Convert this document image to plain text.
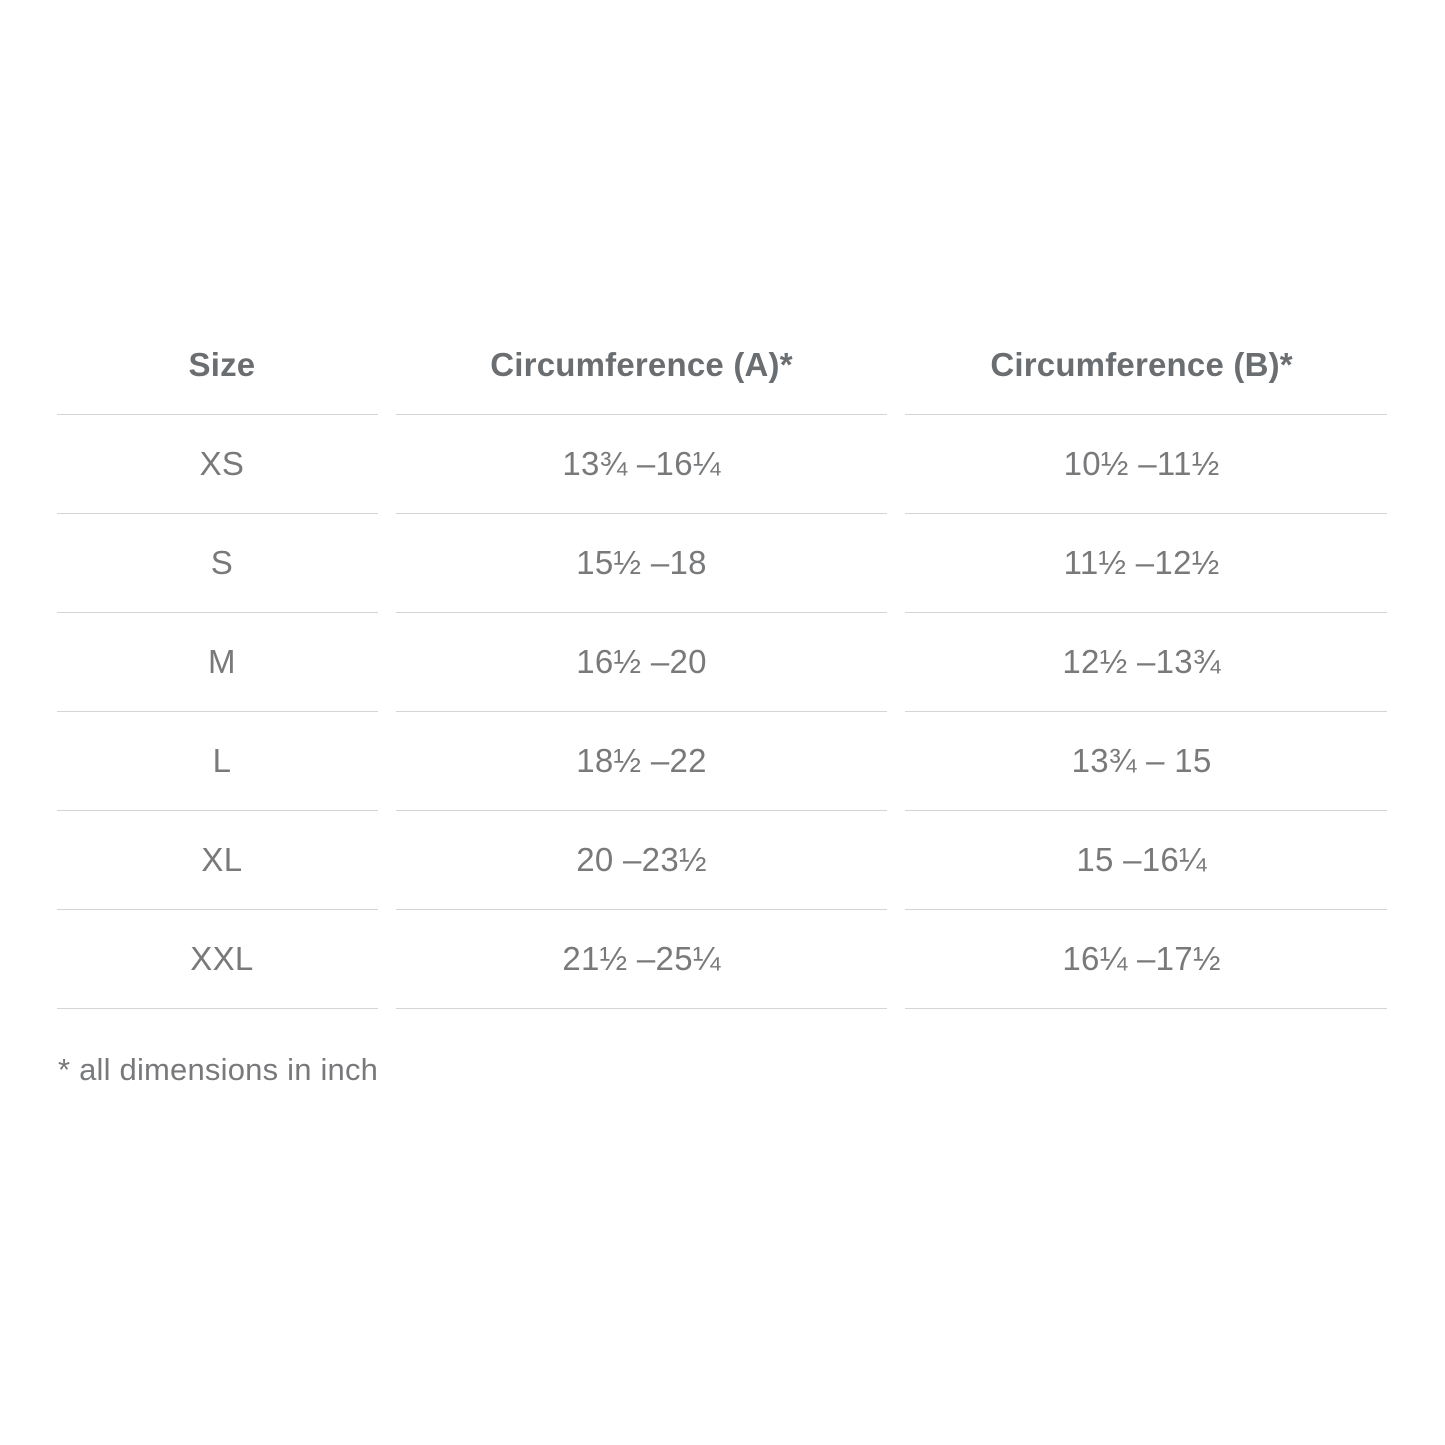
Size	Circumference (A)*	Circumference (B)*
XS	13¾ –16¼	10½ –11½
S	15½ –18	11½ –12½
M	16½ –20	12½ –13¾
L	18½ –22	13¾ – 15
XL	20 –23½	15 –16¼
XXL	21½ –25¼	16¼ –17½
* all dimensions in inch
